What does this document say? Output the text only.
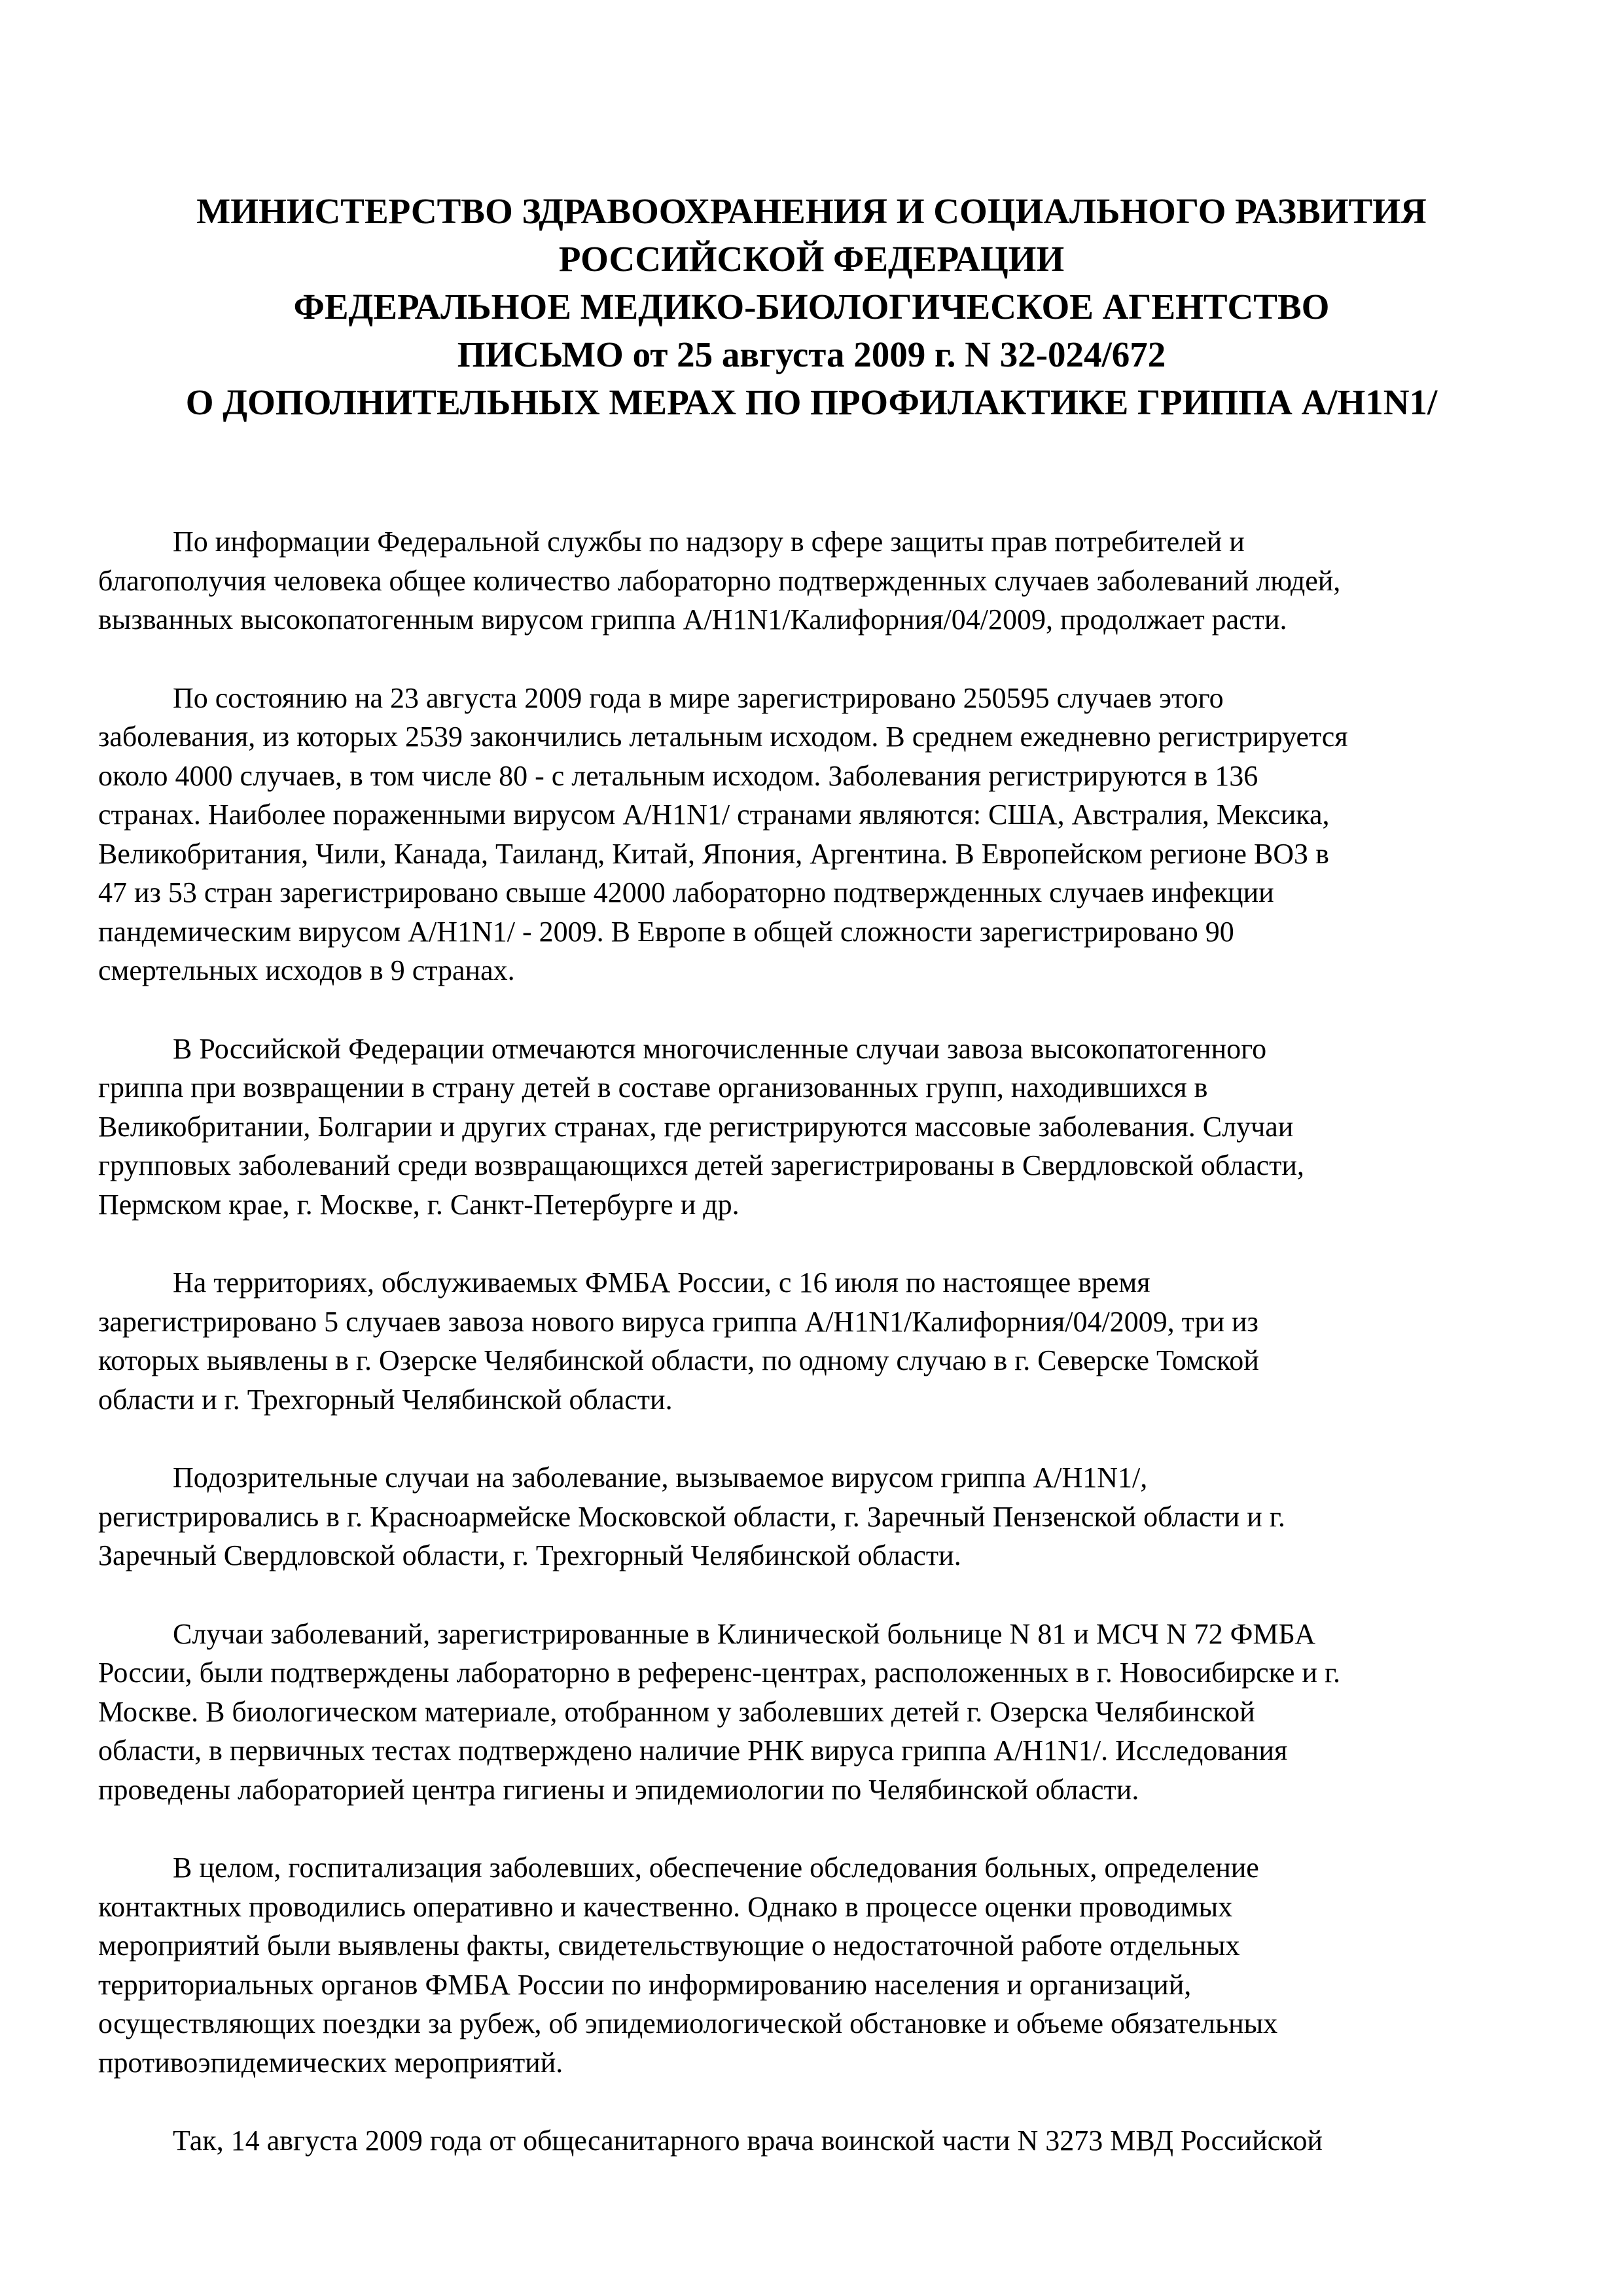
МИНИСТЕРСТВО ЗДРАВООХРАНЕНИЯ И СОЦИАЛЬНОГО РАЗВИТИЯ
РОССИЙСКОЙ ФЕДЕРАЦИИ
ФЕДЕРАЛЬНОЕ МЕДИКО-БИОЛОГИЧЕСКОЕ АГЕНТСТВО
ПИСЬМО от 25 августа 2009 г. N 32-024/672
О ДОПОЛНИТЕЛЬНЫХ МЕРАХ ПО ПРОФИЛАКТИКЕ ГРИППА A/H1N1/
По информации Федеральной службы по надзору в сфере защиты прав потребителей и
благополучия человека общее количество лабораторно подтвержденных случаев заболеваний людей,
вызванных высокопатогенным вирусом гриппа A/H1N1/Калифорния/04/2009, продолжает расти.
По состоянию на 23 августа 2009 года в мире зарегистрировано 250595 случаев этого
заболевания, из которых 2539 закончились летальным исходом. В среднем ежедневно регистрируется
около 4000 случаев, в том числе 80 - с летальным исходом. Заболевания регистрируются в 136
странах. Наиболее пораженными вирусом A/H1N1/ странами являются: США, Австралия, Мексика,
Великобритания, Чили, Канада, Таиланд, Китай, Япония, Аргентина. В Европейском регионе ВОЗ в
47 из 53 стран зарегистрировано свыше 42000 лабораторно подтвержденных случаев инфекции
пандемическим вирусом A/H1N1/ - 2009. В Европе в общей сложности зарегистрировано 90
смертельных исходов в 9 странах.
В Российской Федерации отмечаются многочисленные случаи завоза высокопатогенного
гриппа при возвращении в страну детей в составе организованных групп, находившихся в
Великобритании, Болгарии и других странах, где регистрируются массовые заболевания. Случаи
групповых заболеваний среди возвращающихся детей зарегистрированы в Свердловской области,
Пермском крае, г. Москве, г. Санкт-Петербурге и др.
На территориях, обслуживаемых ФМБА России, с 16 июля по настоящее время
зарегистрировано 5 случаев завоза нового вируса гриппа A/H1N1/Калифорния/04/2009, три из
которых выявлены в г. Озерске Челябинской области, по одному случаю в г. Северске Томской
области и г. Трехгорный Челябинской области.
Подозрительные случаи на заболевание, вызываемое вирусом гриппа A/H1N1/,
регистрировались в г. Красноармейске Московской области, г. Заречный Пензенской области и г.
Заречный Свердловской области, г. Трехгорный Челябинской области.
Случаи заболеваний, зарегистрированные в Клинической больнице N 81 и МСЧ N 72 ФМБА
России, были подтверждены лабораторно в референс-центрах, расположенных в г. Новосибирске и г.
Москве. В биологическом материале, отобранном у заболевших детей г. Озерска Челябинской
области, в первичных тестах подтверждено наличие РНК вируса гриппа A/H1N1/. Исследования
проведены лабораторией центра гигиены и эпидемиологии по Челябинской области.
В целом, госпитализация заболевших, обеспечение обследования больных, определение
контактных проводились оперативно и качественно. Однако в процессе оценки проводимых
мероприятий были выявлены факты, свидетельствующие о недостаточной работе отдельных
территориальных органов ФМБА России по информированию населения и организаций,
осуществляющих поездки за рубеж, об эпидемиологической обстановке и объеме обязательных
противоэпидемических мероприятий.
Так, 14 августа 2009 года от общесанитарного врача воинской части N 3273 МВД Российской
